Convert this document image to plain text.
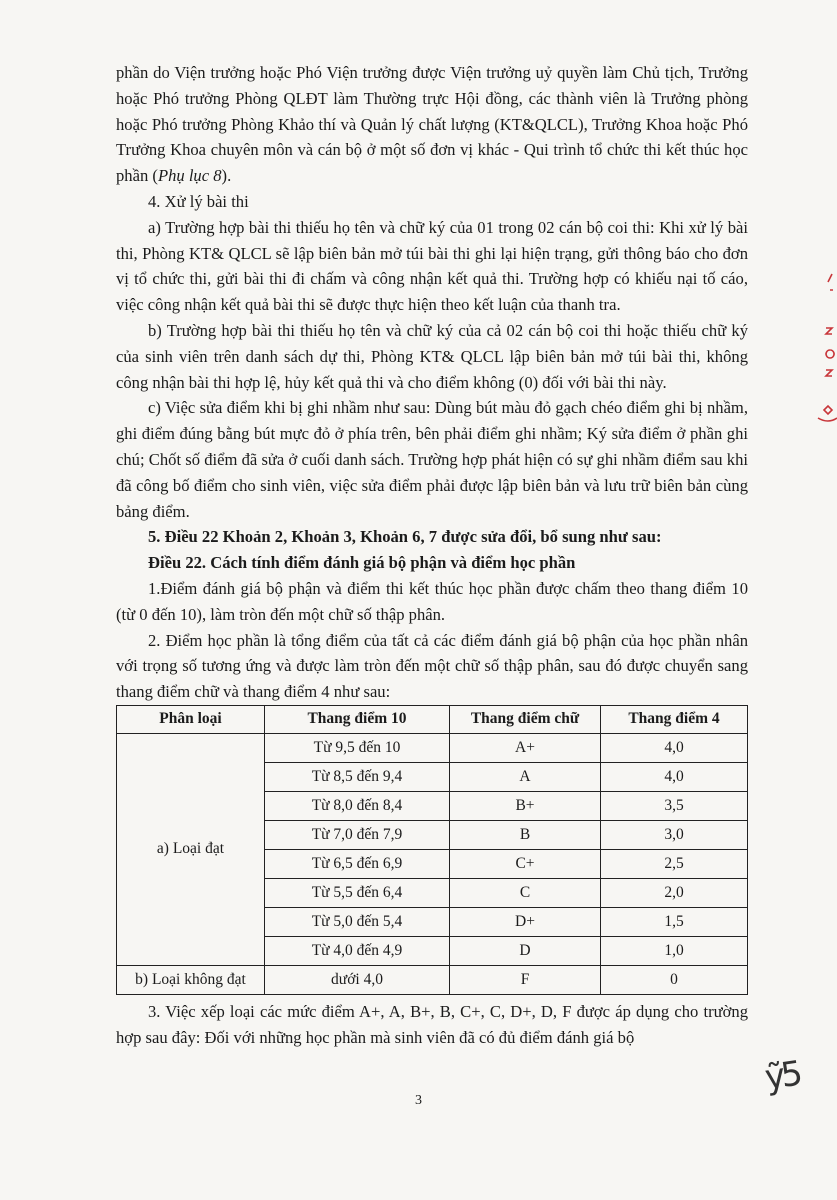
phần do Viện trưởng hoặc Phó Viện trưởng được Viện trưởng uỷ quyền làm Chủ tịch, Trưởng hoặc Phó trưởng Phòng QLĐT làm Thường trực Hội đồng, các thành viên là Trưởng phòng hoặc Phó trưởng Phòng Khảo thí và Quản lý chất lượng (KT&QLCL), Trưởng Khoa hoặc Phó Trưởng Khoa chuyên môn và cán bộ ở một số đơn vị khác - Qui trình tổ chức thi kết thúc học phần (Phụ lục 8).

4. Xử lý bài thi

a) Trường hợp bài thi thiếu họ tên và chữ ký của 01 trong 02 cán bộ coi thi: Khi xử lý bài thi, Phòng KT& QLCL sẽ lập biên bản mở túi bài thi ghi lại hiện trạng, gửi thông báo cho đơn vị tổ chức thi, gửi bài thi đi chấm và công nhận kết quả thi. Trường hợp có khiếu nại tố cáo, việc công nhận kết quả bài thi sẽ được thực hiện theo kết luận của thanh tra.

b) Trường hợp bài thi thiếu họ tên và chữ ký của cả 02 cán bộ coi thi hoặc thiếu chữ ký của sinh viên trên danh sách dự thi, Phòng KT& QLCL lập biên bản mở túi bài thi, không công nhận bài thi hợp lệ, hủy kết quả thi và cho điểm không (0) đối với bài thi này.

c) Việc sửa điểm khi bị ghi nhầm như sau: Dùng bút màu đỏ gạch chéo điểm ghi bị nhầm, ghi điểm đúng bằng bút mực đỏ ở phía trên, bên phải điểm ghi nhầm; Ký sửa điểm ở phần ghi chú; Chốt số điểm đã sửa ở cuối danh sách. Trường hợp phát hiện có sự ghi nhầm điểm sau khi đã công bố điểm cho sinh viên, việc sửa điểm phải được lập biên bản và lưu trữ biên bản cùng bảng điểm.

5. Điều 22 Khoản 2, Khoản 3, Khoản 6, 7 được sửa đổi, bổ sung như sau:

Điều 22. Cách tính điểm đánh giá bộ phận và điểm học phần

1.Điểm đánh giá bộ phận và điểm thi kết thúc học phần được chấm theo thang điểm 10 (từ 0 đến 10), làm tròn đến một chữ số thập phân.

2. Điểm học phần là tổng điểm của tất cả các điểm đánh giá bộ phận của học phần nhân với trọng số tương ứng và được làm tròn đến một chữ số thập phân, sau đó được chuyển sang thang điểm chữ và thang điểm 4 như sau:

Phân loại	Thang điểm 10	Thang điểm chữ	Thang điểm 4
a) Loại đạt	Từ 9,5 đến 10	A+	4,0
	Từ 8,5 đến 9,4	A	4,0
	Từ 8,0 đến 8,4	B+	3,5
	Từ 7,0 đến 7,9	B	3,0
	Từ 6,5 đến 6,9	C+	2,5
	Từ 5,5 đến 6,4	C	2,0
	Từ 5,0 đến 5,4	D+	1,5
	Từ 4,0 đến 4,9	D	1,0
b) Loại không đạt	dưới 4,0	F	0

3. Việc xếp loại các mức điểm A+, A, B+, B, C+, C, D+, D, F được áp dụng cho trường hợp sau đây: Đối với những học phần mà sinh viên đã có đủ điểm đánh giá bộ

3
ỹ5
